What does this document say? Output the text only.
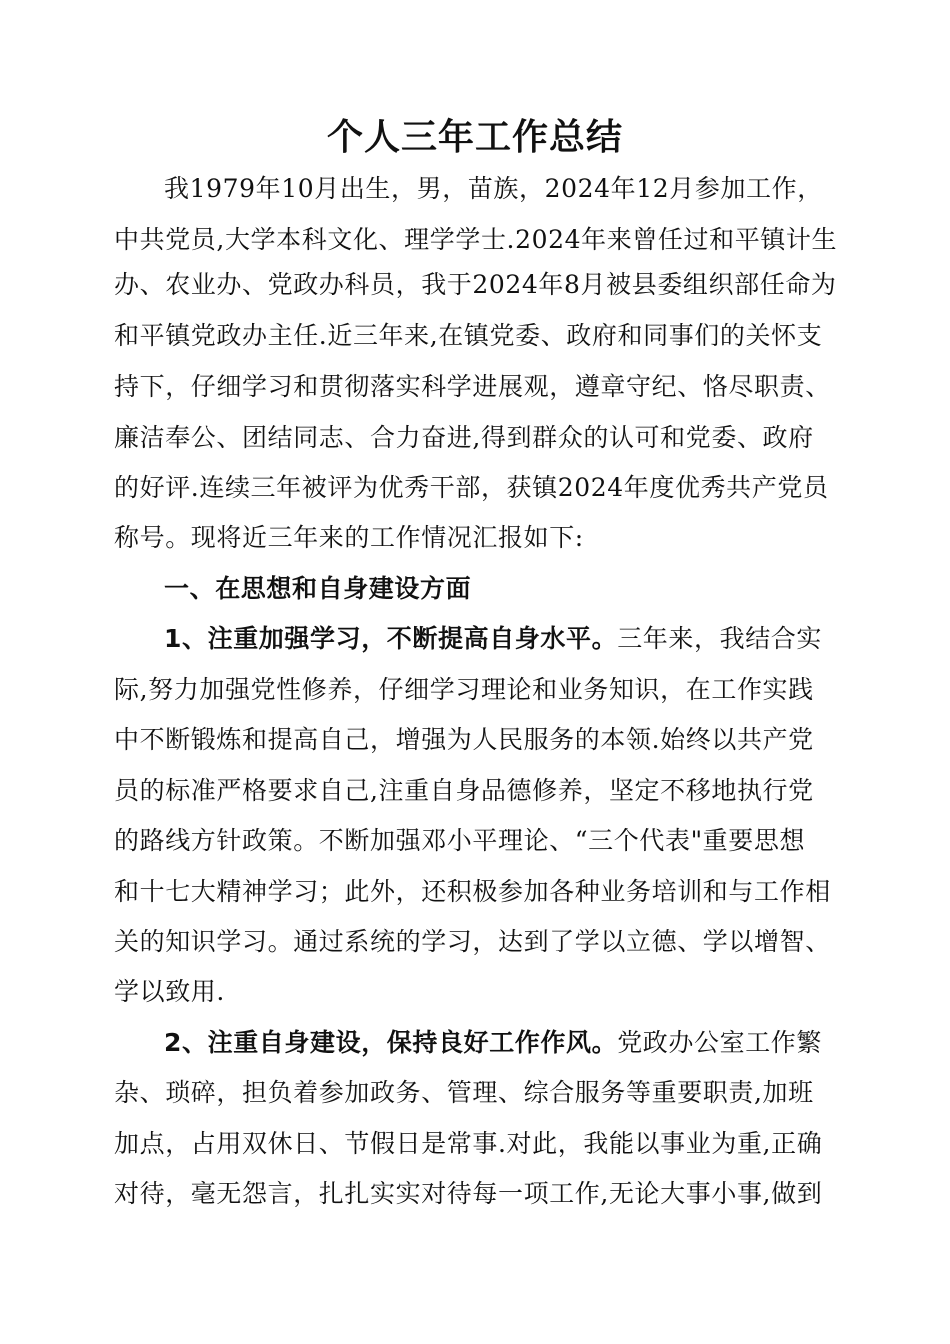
个人三年工作总结
我1979年10月出生，男，苗族，2024年12月参加工作，
中共党员,大学本科文化、理学学士.2024年来曾任过和平镇计生
办、农业办、党政办科员，我于2024年8月被县委组织部任命为
和平镇党政办主任.近三年来,在镇党委、政府和同事们的关怀支
持下，仔细学习和贯彻落实科学进展观，遵章守纪、恪尽职责、
廉洁奉公、团结同志、合力奋进,得到群众的认可和党委、政府
的好评.连续三年被评为优秀干部，获镇2024年度优秀共产党员
称号。现将近三年来的工作情况汇报如下:
一、在思想和自身建设方面
1、注重加强学习，不断提高自身水平。三年来，我结合实
际,努力加强党性修养，仔细学习理论和业务知识，在工作实践
中不断锻炼和提高自己，增强为人民服务的本领.始终以共产党
员的标准严格要求自己,注重自身品德修养，坚定不移地执行党
的路线方针政策。不断加强邓小平理论、“三个代表"重要思想
和十七大精神学习；此外，还积极参加各种业务培训和与工作相
关的知识学习。通过系统的学习，达到了学以立德、学以增智、
学以致用.
2、注重自身建设，保持良好工作作风。党政办公室工作繁
杂、琐碎，担负着参加政务、管理、综合服务等重要职责,加班
加点，占用双休日、节假日是常事.对此，我能以事业为重,正确
对待，毫无怨言，扎扎实实对待每一项工作,无论大事小事,做到
